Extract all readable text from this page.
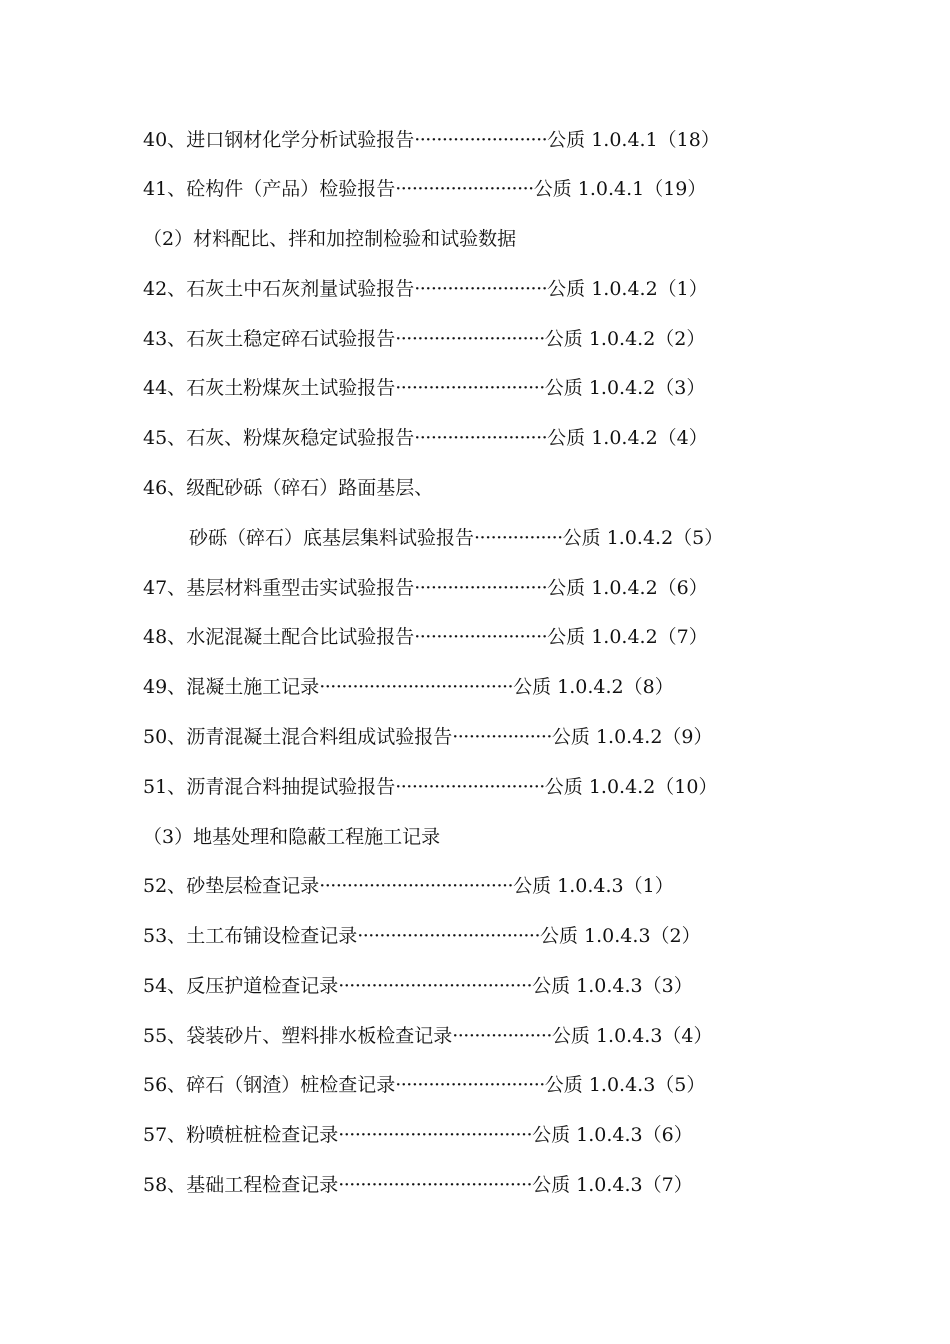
40、进口钢材化学分析试验报告························公质 1.0.4.1（18）
41、砼构件（产品）检验报告·························公质 1.0.4.1（19）
（2）材料配比、拌和加控制检验和试验数据
42、石灰土中石灰剂量试验报告························公质 1.0.4.2（1）
43、石灰土稳定碎石试验报告···························公质 1.0.4.2（2）
44、石灰土粉煤灰土试验报告···························公质 1.0.4.2（3）
45、石灰、粉煤灰稳定试验报告························公质 1.0.4.2（4）
46、级配砂砾（碎石）路面基层、
砂砾（碎石）底基层集料试验报告················公质 1.0.4.2（5）
47、基层材料重型击实试验报告························公质 1.0.4.2（6）
48、水泥混凝土配合比试验报告························公质 1.0.4.2（7）
49、混凝土施工记录···································公质 1.0.4.2（8）
50、沥青混凝土混合料组成试验报告··················公质 1.0.4.2（9）
51、沥青混合料抽提试验报告···························公质 1.0.4.2（10）
（3）地基处理和隐蔽工程施工记录
52、砂垫层检查记录···································公质 1.0.4.3（1）
53、土工布铺设检查记录·································公质 1.0.4.3（2）
54、反压护道检查记录···································公质 1.0.4.3（3）
55、袋装砂片、塑料排水板检查记录··················公质 1.0.4.3（4）
56、碎石（钢渣）桩检查记录···························公质 1.0.4.3（5）
57、粉喷桩桩检查记录···································公质 1.0.4.3（6）
58、基础工程检查记录···································公质 1.0.4.3（7）
